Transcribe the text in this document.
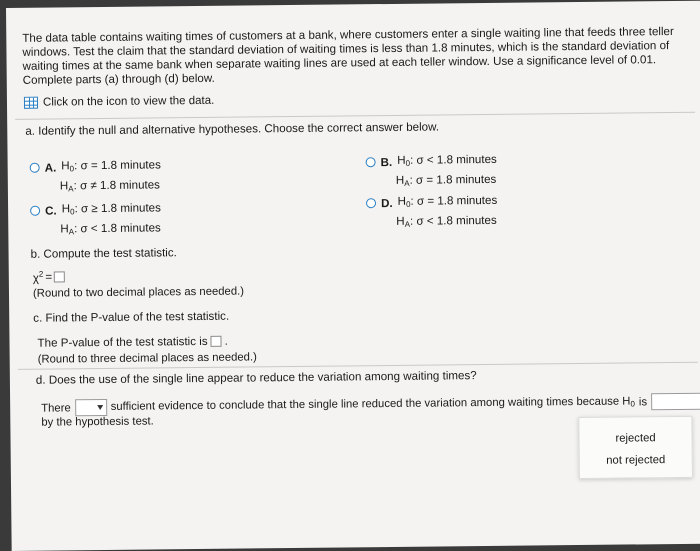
The data table contains waiting times of customers at a bank, where customers enter a single waiting line that feeds three teller windows. Test the claim that the standard deviation of waiting times is less than 1.8 minutes, which is the standard deviation of waiting times at the same bank when separate waiting lines are used at each teller window. Use a significance level of 0.01. Complete parts (a) through (d) below.
Click on the icon to view the data.
a. Identify the null and alternative hypotheses. Choose the correct answer below.
A. $H_0$: σ = 1.8 minutes
$H_A$: σ ≠ 1.8 minutes
B. $H_0$: σ < 1.8 minutes
$H_A$: σ = 1.8 minutes
C. $H_0$: σ ≥ 1.8 minutes
$H_A$: σ < 1.8 minutes
D. $H_0$: σ = 1.8 minutes
$H_A$: σ < 1.8 minutes
b. Compute the test statistic.
$\chi^2$ =
(Round to two decimal places as needed.)
c. Find the P-value of the test statistic.
The P-value of the test statistic is .
(Round to three decimal places as needed.)
d. Does the use of the single line appear to reduce the variation among waiting times?
There	sufficient evidence to conclude that the single line reduced the variation among waiting times because $H_0$ is
by the hypothesis test.
rejected
not rejected
